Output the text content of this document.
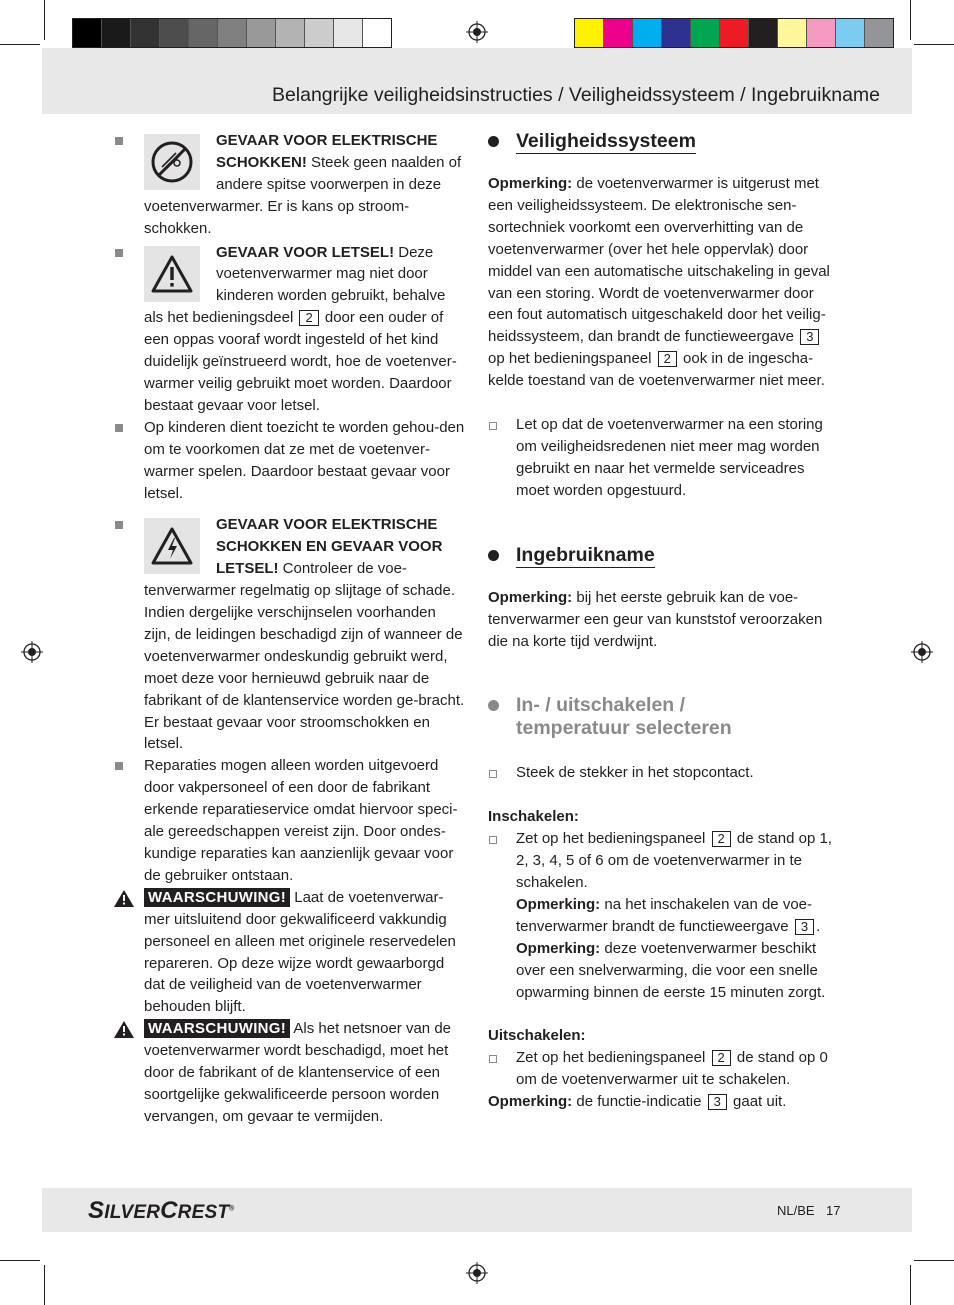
Belangrijke veiligheidsinstructies / Veiligheidssysteem / Ingebruikname
GEVAAR VOOR ELEKTRISCHE SCHOKKEN! Steek geen naalden of andere spitse voorwerpen in deze voetenverwarmer. Er is kans op stroom-schokken.
GEVAAR VOOR LETSEL! Deze voetenverwarmer mag niet door kinderen worden gebruikt, behalve als het bedieningsdeel 2 door een ouder of een oppas vooraf wordt ingesteld of het kind duidelijk geïnstrueerd wordt, hoe de voetenver-warmer veilig gebruikt moet worden. Daardoor bestaat gevaar voor letsel.
Op kinderen dient toezicht te worden gehou-den om te voorkomen dat ze met de voetenver-warmer spelen. Daardoor bestaat gevaar voor letsel.
GEVAAR VOOR ELEKTRISCHE SCHOKKEN EN GEVAAR VOOR LETSEL! Controleer de voe-tenverwarmer regelmatig op slijtage of schade. Indien dergelijke verschijnselen voorhanden zijn, de leidingen beschadigd zijn of wanneer de voetenverwarmer ondeskundig gebruikt werd, moet deze voor hernieuwd gebruik naar de fabrikant of de klantenservice worden ge-bracht. Er bestaat gevaar voor stroomschokken en letsel.
Reparaties mogen alleen worden uitgevoerd door vakpersoneel of een door de fabrikant erkende reparatieservice omdat hiervoor speci-ale gereedschappen vereist zijn. Door ondes-kundige reparaties kan aanzienlijk gevaar voor de gebruiker ontstaan.
WAARSCHUWING! Laat de voetenverwar-mer uitsluitend door gekwalificeerd vakkundig personeel en alleen met originele reservedelen repareren. Op deze wijze wordt gewaarborgd dat de veiligheid van de voetenverwarmer behouden blijft.
WAARSCHUWING! Als het netsnoer van de voetenverwarmer wordt beschadigd, moet het door de fabrikant of de klantenservice of een soortgelijke gekwalificeerde persoon worden vervangen, om gevaar te vermijden.
Veiligheidssysteem

Opmerking: de voetenverwarmer is uitgerust met een veiligheidssysteem. De elektronische sen-sortechniek voorkomt een oververhitting van de voetenverwarmer (over het hele oppervlak) door middel van een automatische uitschakeling in geval van een storing. Wordt de voetenverwarmer door een fout automatisch uitgeschakeld door het veilig-heidssysteem, dan brandt de functieweergave 3 op het bedieningspaneel 2 ook in de ingescha-kelde toestand van de voetenverwarmer niet meer.

Let op dat de voetenverwarmer na een storing om veiligheidsredenen niet meer mag worden gebruikt en naar het vermelde serviceadres moet worden opgestuurd.
Ingebruikname

Opmerking: bij het eerste gebruik kan de voe-tenverwarmer een geur van kunststof veroorzaken die na korte tijd verdwijnt.

In- / uitschakelen /
temperatuur selecteren
Steek de stekker in het stopcontact.
Inschakelen:
Zet op het bedieningspaneel 2 de stand op 1, 2, 3, 4, 5 of 6 om de voetenverwarmer in te schakelen.
Opmerking: na het inschakelen van de voe-tenverwarmer brandt de functieweergave 3 .
Opmerking: deze voetenverwarmer beschikt over een snelverwarming, die voor een snelle opwarming binnen de eerste 15 minuten zorgt.
Uitschakelen:
Zet op het bedieningspaneel 2 de stand op 0 om de voetenverwarmer uit te schakelen.

Opmerking: de functie-indicatie 3 gaat uit.

SILVERCREST®	NL/BE 17
